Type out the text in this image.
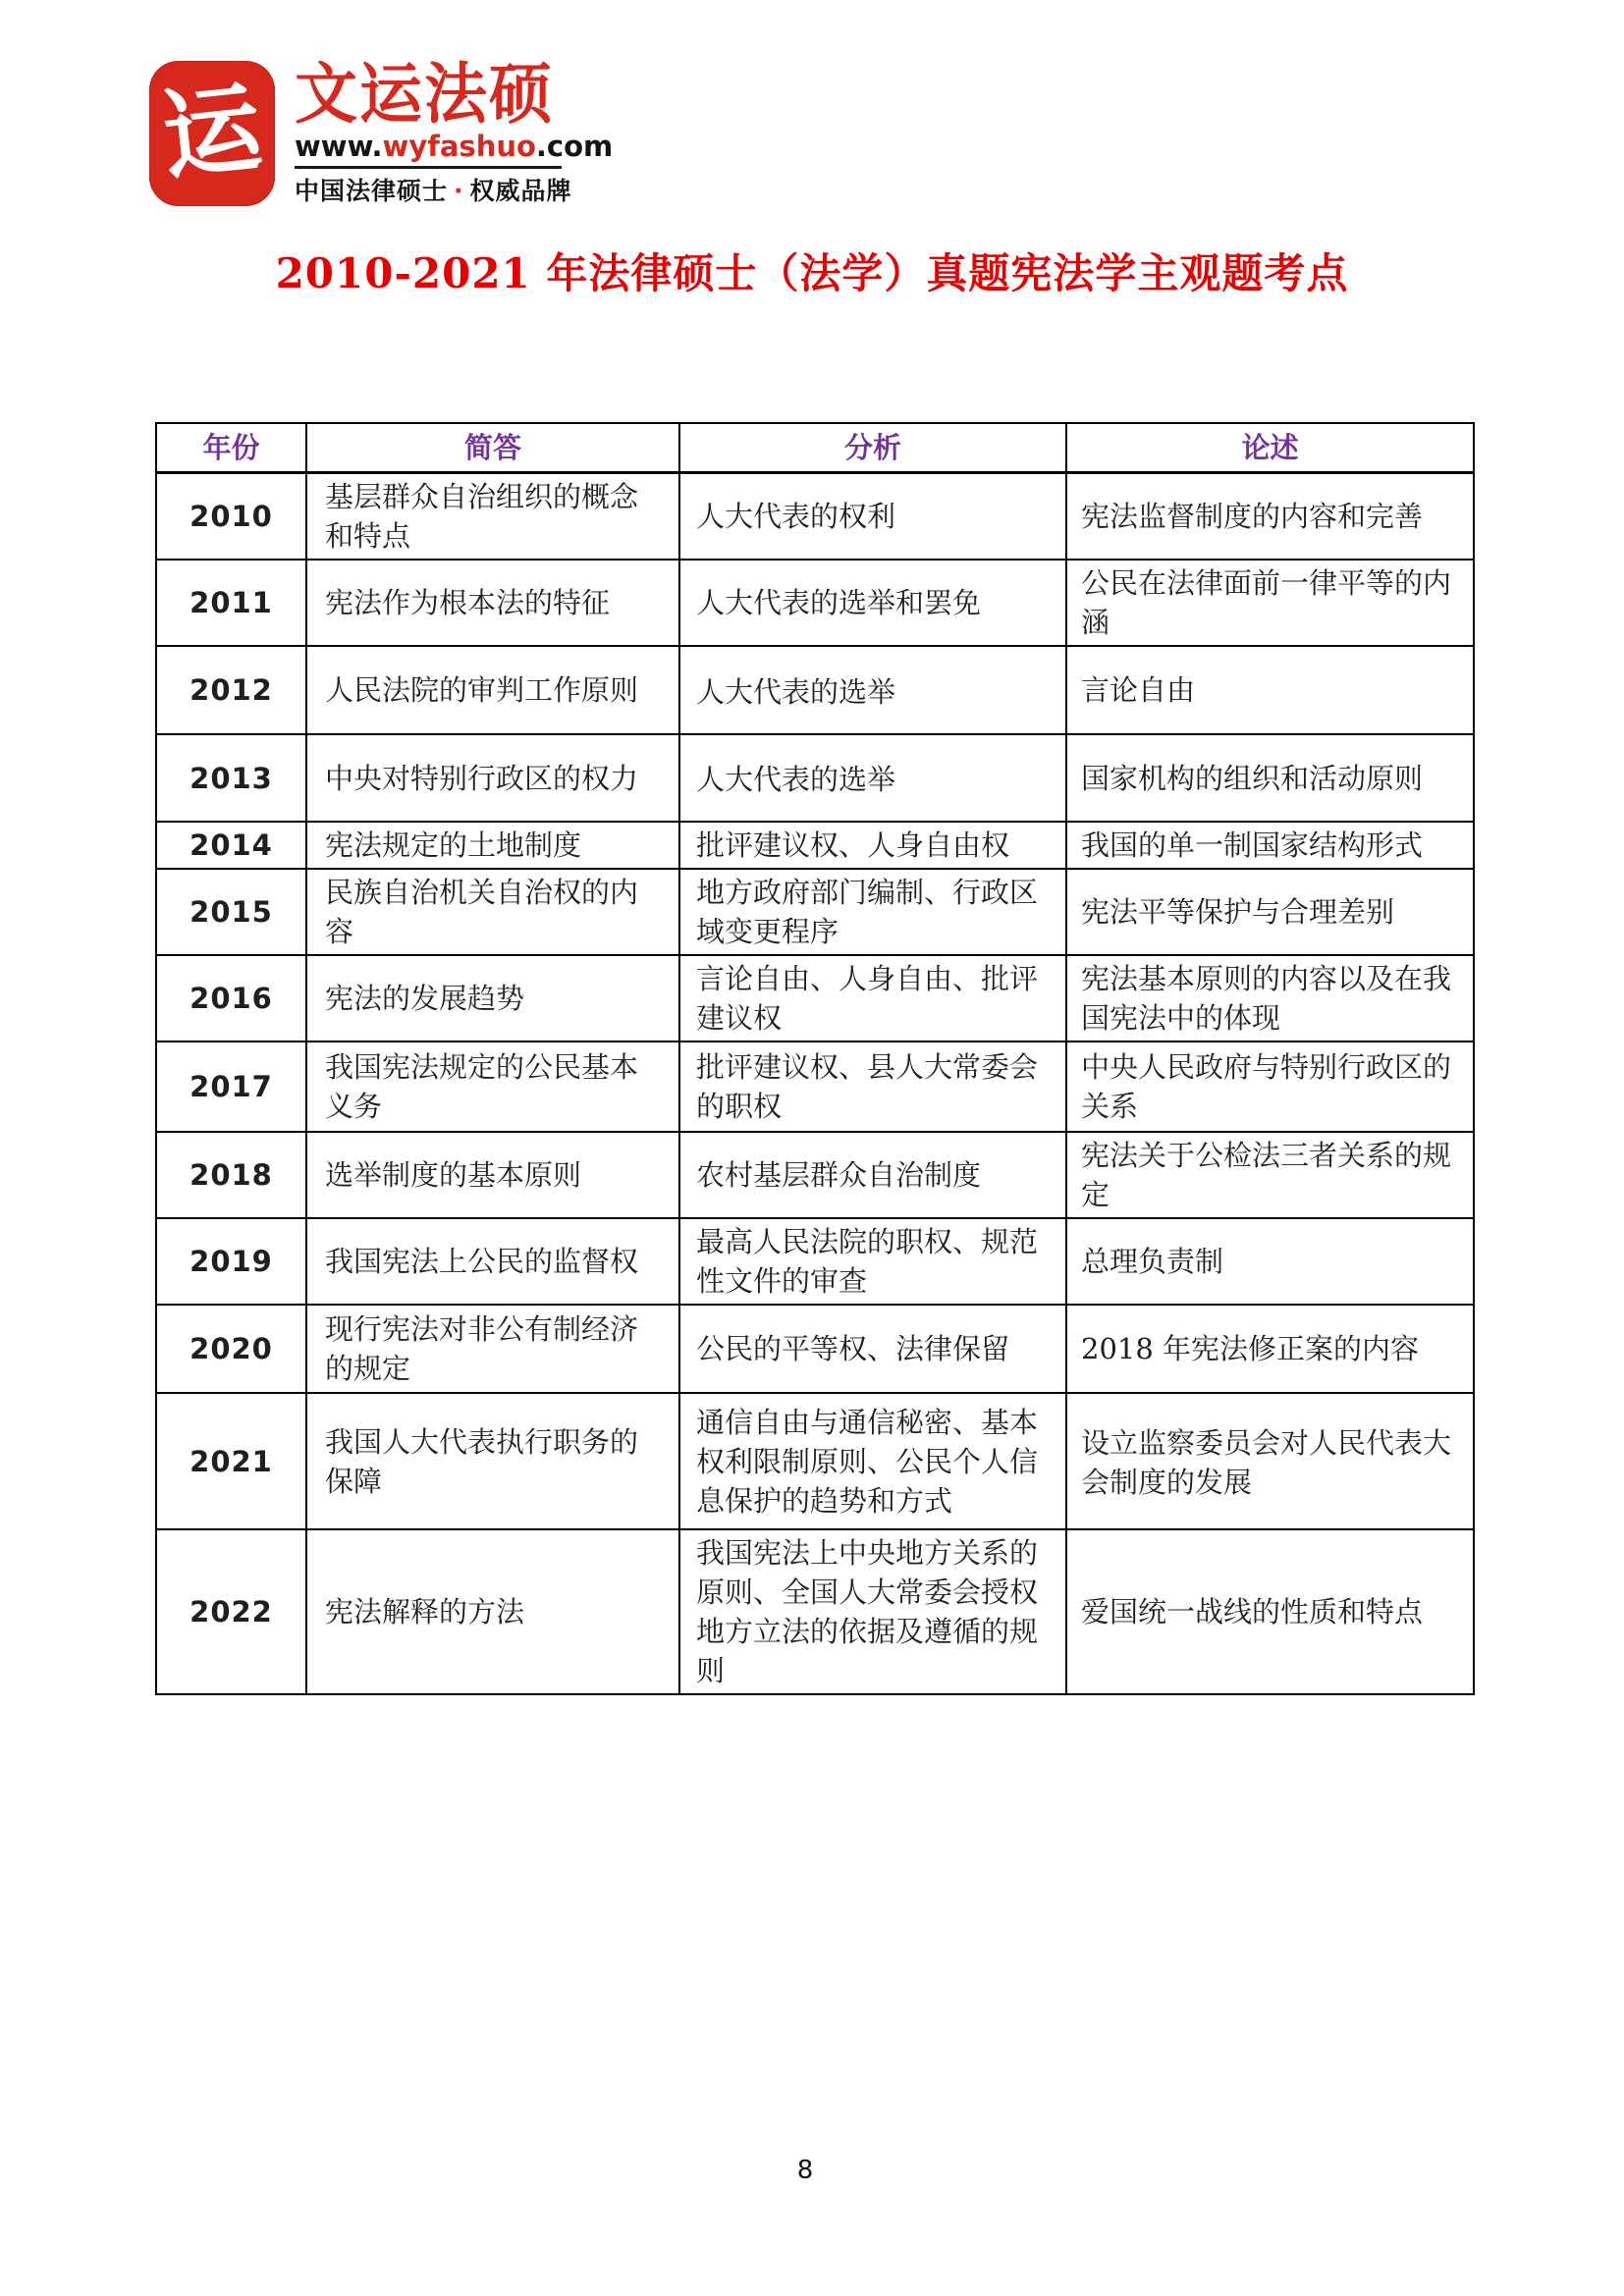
运 文运法硕
www.wyfashuo.com
中国法律硕士 · 权威品牌
2010-2021 年法律硕士（法学）真题宪法学主观题考点
年份	简答	分析	论述
2010	基层群众自治组织的概念和特点	人大代表的权利	宪法监督制度的内容和完善
2011	宪法作为根本法的特征	人大代表的选举和罢免	公民在法律面前一律平等的内涵
2012	人民法院的审判工作原则	人大代表的选举	言论自由
2013	中央对特别行政区的权力	人大代表的选举	国家机构的组织和活动原则
2014	宪法规定的土地制度	批评建议权、人身自由权	我国的单一制国家结构形式
2015	民族自治机关自治权的内容	地方政府部门编制、行政区域变更程序	宪法平等保护与合理差别
2016	宪法的发展趋势	言论自由、人身自由、批评建议权	宪法基本原则的内容以及在我国宪法中的体现
2017	我国宪法规定的公民基本义务	批评建议权、县人大常委会的职权	中央人民政府与特别行政区的关系
2018	选举制度的基本原则	农村基层群众自治制度	宪法关于公检法三者关系的规定
2019	我国宪法上公民的监督权	最高人民法院的职权、规范性文件的审查	总理负责制
2020	现行宪法对非公有制经济的规定	公民的平等权、法律保留	2018 年宪法修正案的内容
2021	我国人大代表执行职务的保障	通信自由与通信秘密、基本权利限制原则、公民个人信息保护的趋势和方式	设立监察委员会对人民代表大会制度的发展
2022	宪法解释的方法	我国宪法上中央地方关系的原则、全国人大常委会授权地方立法的依据及遵循的规则	爱国统一战线的性质和特点
8
